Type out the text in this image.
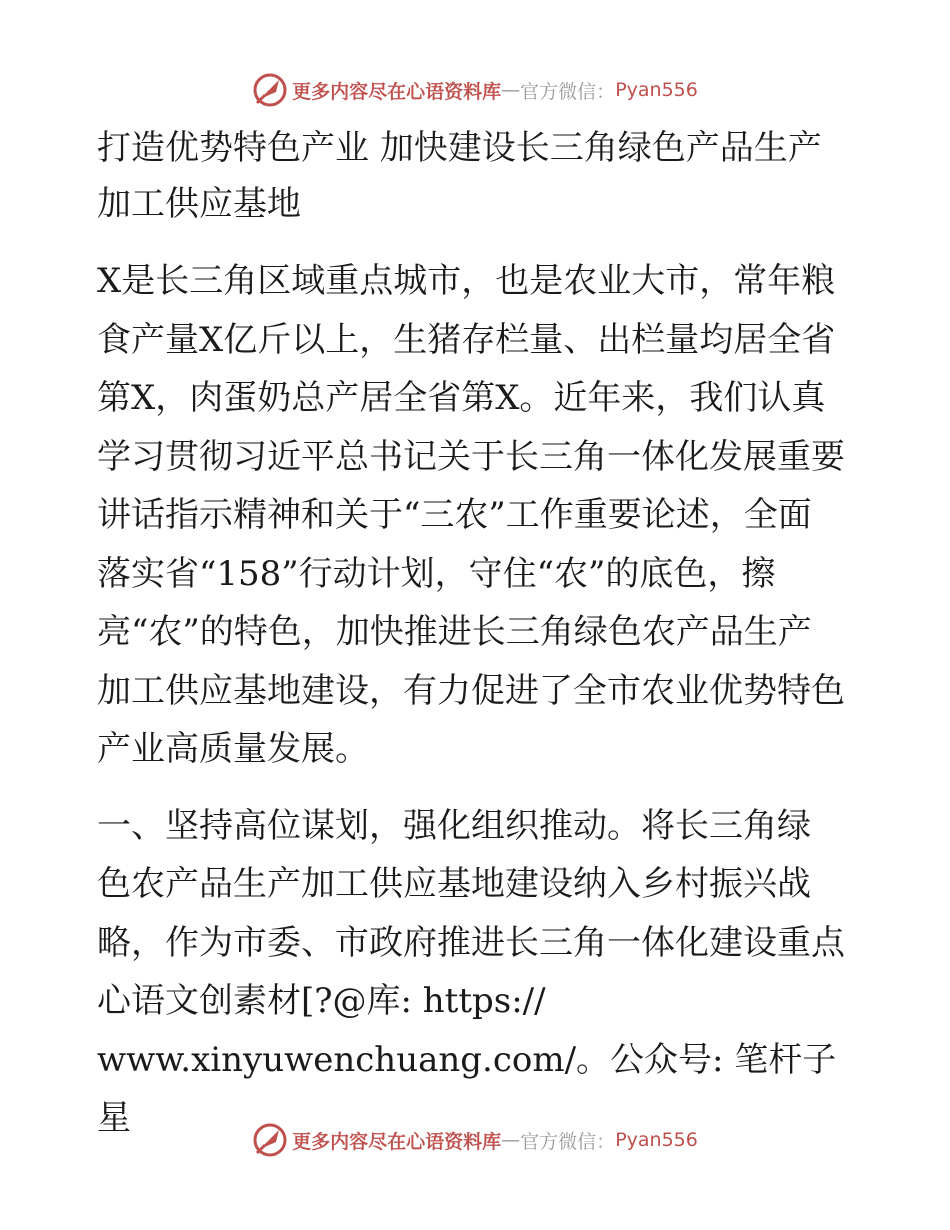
更多内容尽在心语资料库 — 官方微信： Pyan556
打造优势特色产业 加快建设长三角绿色产品生产
加工供应基地
X是长三角区域重点城市，也是农业大市，常年粮
食产量X亿斤以上，生猪存栏量、出栏量均居全省
第X，肉蛋奶总产居全省第X。近年来，我们认真
学习贯彻习近平总书记关于长三角一体化发展重要
讲话指示精神和关于“三农”工作重要论述，全面
落实省“158”行动计划，守住“农”的底色，擦
亮“农”的特色，加快推进长三角绿色农产品生产
加工供应基地建设，有力促进了全市农业优势特色
产业高质量发展。
一、坚持高位谋划，强化组织推动。将长三角绿
色农产品生产加工供应基地建设纳入乡村振兴战
略，作为市委、市政府推进长三角一体化建设重点
心语文创素材[?@库: https://
www.xinyuwenchuang.com/。公众号: 笔杆子星
更多内容尽在心语资料库 — 官方微信： Pyan556
